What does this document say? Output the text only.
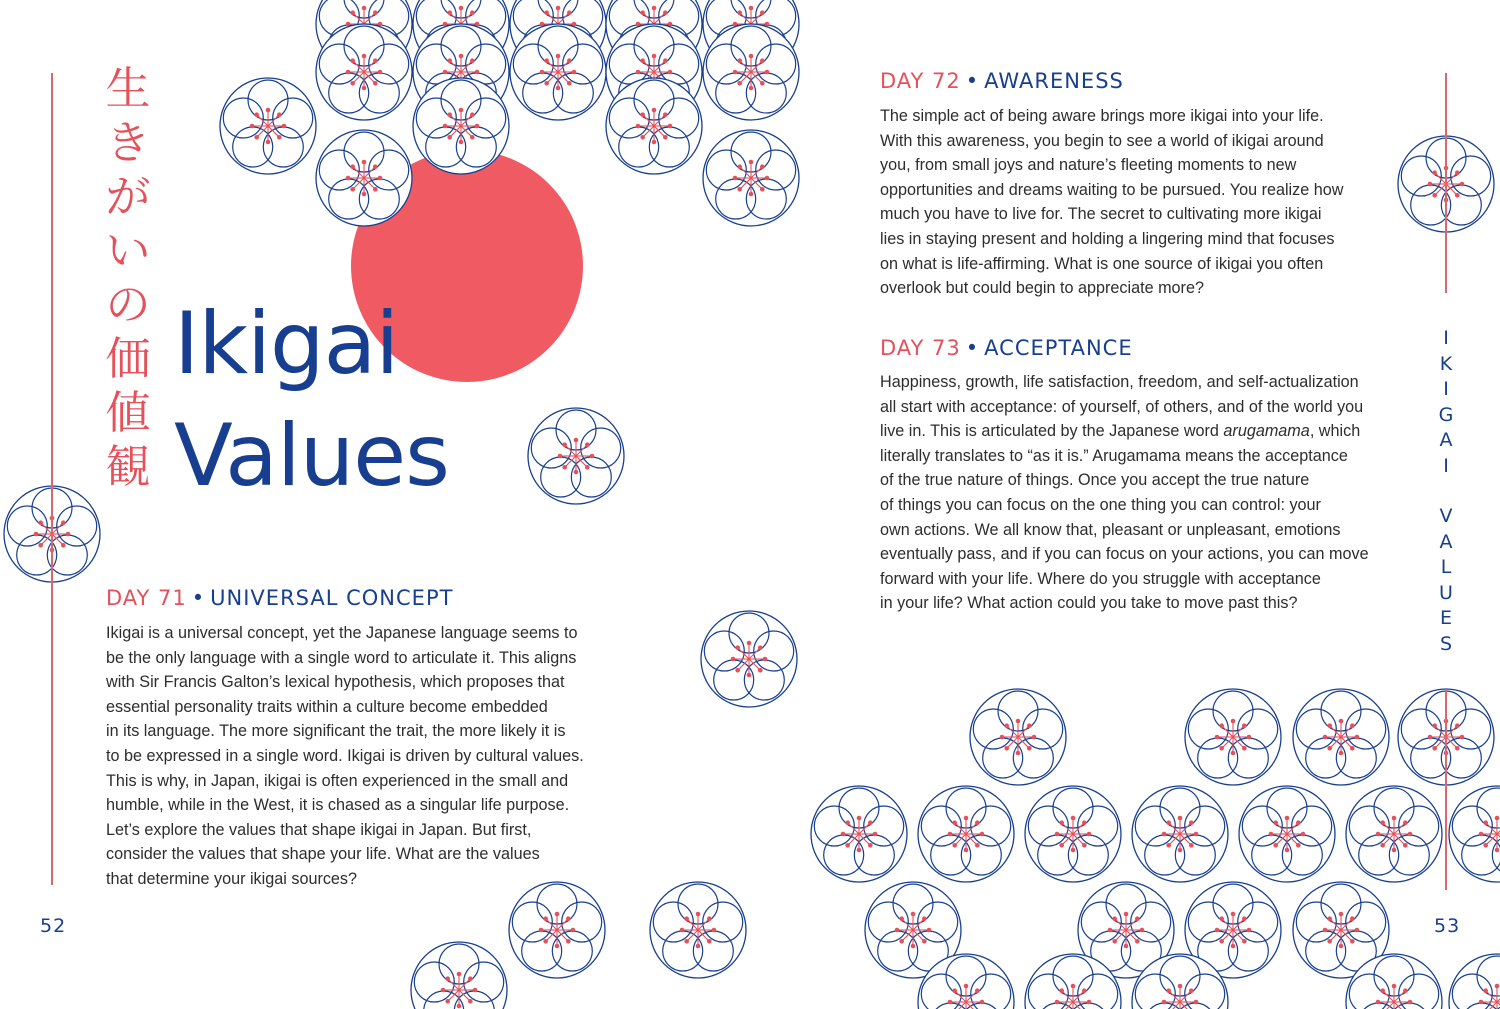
生
き
が
い
の
価
値
観
Ikigai
Values
DAY 71 • UNIVERSAL CONCEPT
Ikigai is a universal concept, yet the Japanese language seems to
be the only language with a single word to articulate it. This aligns
with Sir Francis Galton’s lexical hypothesis, which proposes that
essential personality traits within a culture become embedded
in its language. The more significant the trait, the more likely it is
to be expressed in a single word. Ikigai is driven by cultural values.
This is why, in Japan, ikigai is often experienced in the small and
humble, while in the West, it is chased as a singular life purpose.
Let’s explore the values that shape ikigai in Japan. But first,
consider the values that shape your life. What are the values
that determine your ikigai sources?
DAY 72 • AWARENESS
The simple act of being aware brings more ikigai into your life.
With this awareness, you begin to see a world of ikigai around
you, from small joys and nature’s fleeting moments to new
opportunities and dreams waiting to be pursued. You realize how
much you have to live for. The secret to cultivating more ikigai
lies in staying present and holding a lingering mind that focuses
on what is life-affirming. What is one source of ikigai you often
overlook but could begin to appreciate more?
DAY 73 • ACCEPTANCE
Happiness, growth, life satisfaction, freedom, and self-actualization
all start with acceptance: of yourself, of others, and of the world you
live in. This is articulated by the Japanese word arugamama, which
literally translates to “as it is.” Arugamama means the acceptance
of the true nature of things. Once you accept the true nature
of things you can focus on the one thing you can control: your
own actions. We all know that, pleasant or unpleasant, emotions
eventually pass, and if you can focus on your actions, you can move
forward with your life. Where do you struggle with acceptance
in your life? What action could you take to move past this?
I
K
I
G
A
I
V
A
L
U
E
S
52	53
